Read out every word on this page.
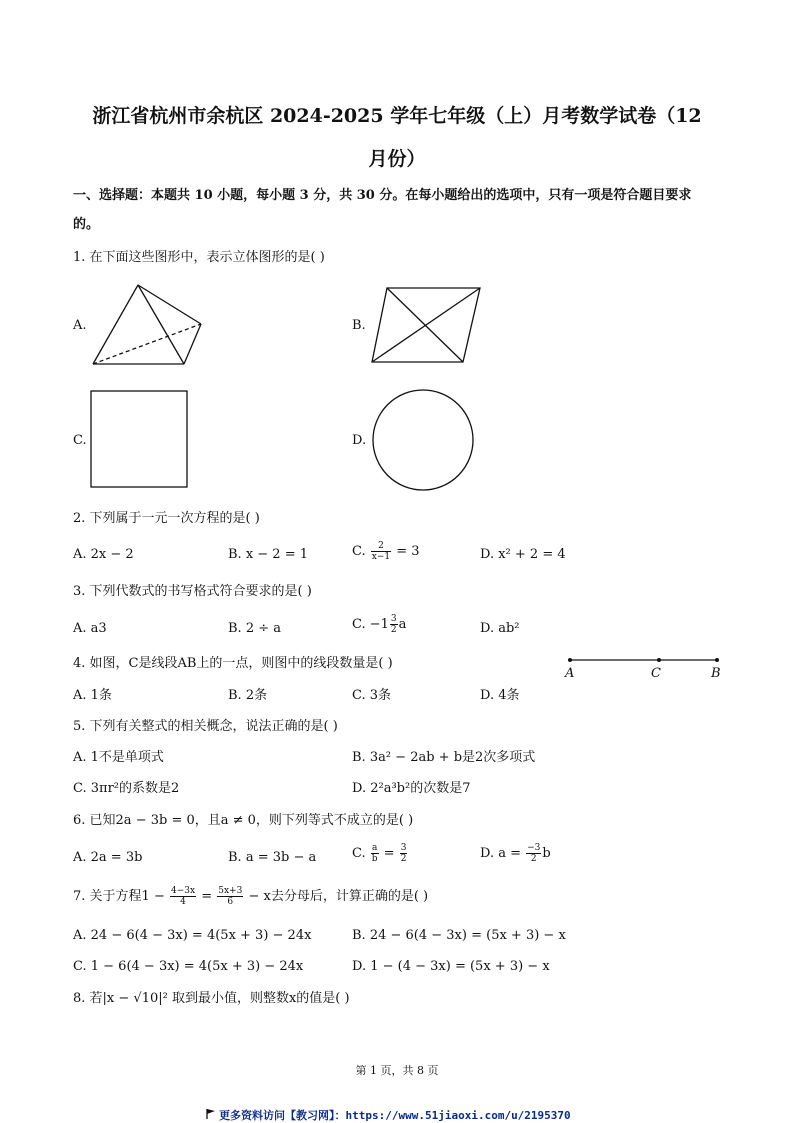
浙江省杭州市余杭区 2024-2025 学年七年级（上）月考数学试卷（12
月份）
一、选择题：本题共 10 小题，每小题 3 分，共 30 分。在每小题给出的选项中，只有一项是符合题目要求
的。
1. 在下面这些图形中，表示立体图形的是( )
A.	B.
C.	D.
2. 下列属于一元一次方程的是( )
A. 2x − 2	B. x − 2 = 1	C. $\frac{2}{x-1} = 3$	D. x² + 2 = 4
3. 下列代数式的书写格式符合要求的是( )
A. a3	B. 2 ÷ a	C. $-1 \frac{3}{2}$ a	D. ab²
4. 如图，C是线段AB上的一点，则图中的线段数量是( )
A	C	B
A. 1条	B. 2条	C. 3条	D. 4条
5. 下列有关整式的相关概念，说法正确的是( )
A. 1不是单项式	B. 3a² − 2ab + b是2次多项式
C. 3πr²的系数是2	D. 2²a³b²的次数是7
6. 已知2a − 3b = 0，且a ≠ 0，则下列等式不成立的是( )
A. 2a = 3b	B. a = 3b − a	C. $\frac{a}{b} = \frac{3}{2}$	D. $a = \frac{-3}{2}$ b
7. 关于方程$1 - \frac{4-3x}{4} = \frac{5x+3}{6} - x$去分母后，计算正确的是( )
A. 24 − 6(4 − 3x) = 4(5x + 3) − 24x	B. 24 − 6(4 − 3x) = (5x + 3) − x
C. 1 − 6(4 − 3x) = 4(5x + 3) − 24x	D. 1 − (4 − 3x) = (5x + 3) − x
8. 若|x − √10|² 取到最小值，则整数x的值是( )
第 1 页，共 8 页
更多资料访问【教习网】：https://www.51jiaoxi.com/u/2195370
